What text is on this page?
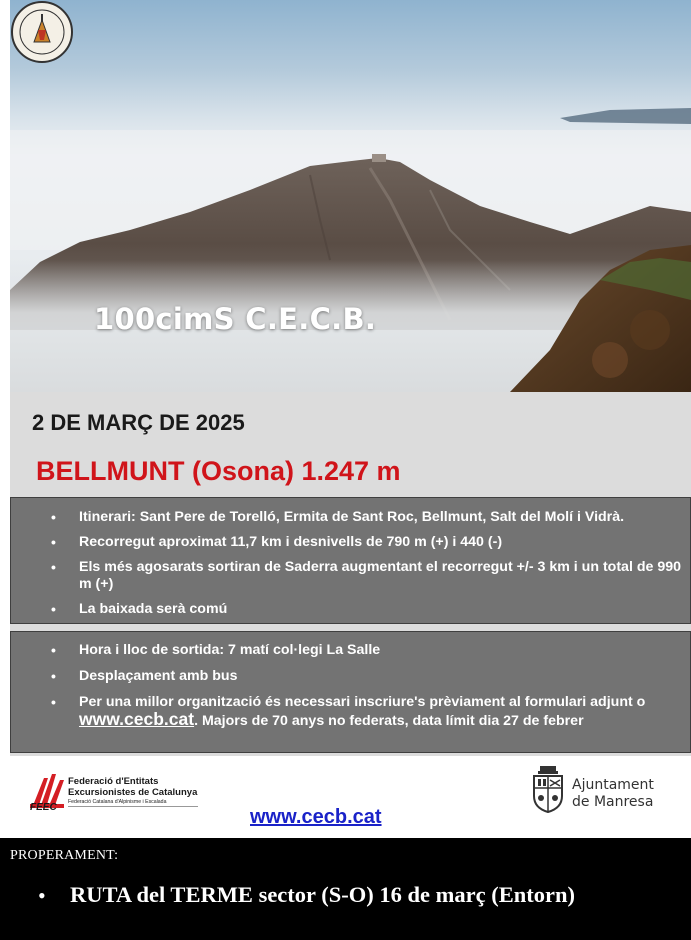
100cimS C.E.C.B.
2 DE MARÇ DE 2025
BELLMUNT (Osona) 1.247 m
• Itinerari: Sant Pere de Torelló, Ermita de Sant Roc, Bellmunt, Salt del Molí i Vidrà.
• Recorregut aproximat 11,7 km i desnivells de 790 m (+) i 440 (-)
• Els més agosarats sortiran de Saderra augmentant el recorregut +/- 3 km i un total de 990 m (+)
• La baixada serà comú
• Hora i lloc de sortida: 7 matí col·legi La Salle
• Desplaçament amb bus
• Per una millor organització és necessari inscriure's prèviament al formulari adjunt o www.cecb.cat. Majors de 70 anys no federats, data límit dia 27 de febrer
Federació d'Entitats
Excursionistes de Catalunya
Federació Catalana d'Alpinisme i Escalada
FEEC	www.cecb.cat
Ajuntament
de Manresa
PROPERAMENT:
• RUTA del TERME sector (S-O) 16 de març (Entorn)
